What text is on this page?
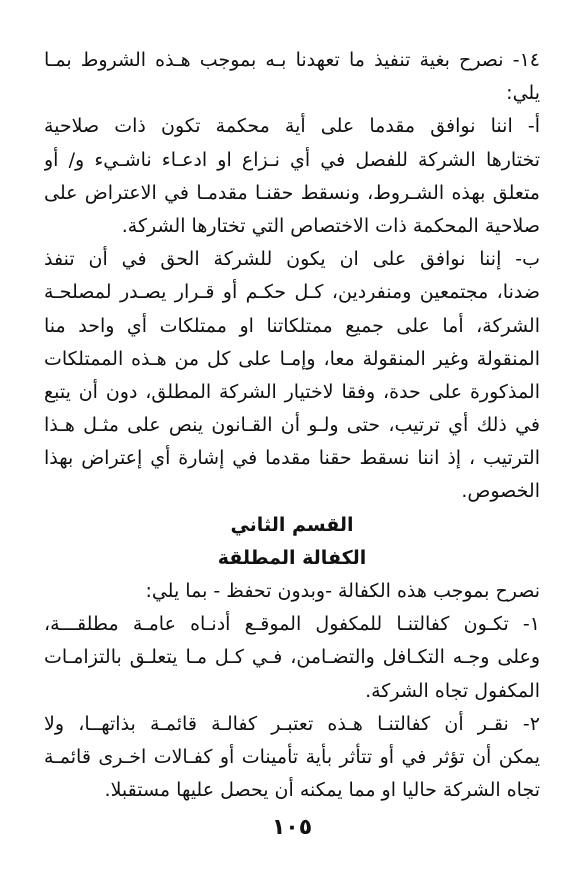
١٤- نصرح بغية تنفيذ ما تعهدنا بـه بموجب هـذه الشروط بمـا
يلي:
أ- اننا نوافق مقدما على أية محكمة تكون ذات صلاحية
تختارها الشركة للفصل في أي نـزاع او ادعـاء ناشـيء و/ أو
متعلق بهذه الشـروط، ونسقط حقنـا مقدمـا في الاعتراض على
صلاحية المحكمة ذات الاختصاص التي تختارها الشركة.
ب- إننا نوافق على ان يكون للشركة الحق في أن تنفذ
ضدنا، مجتمعين ومنفردين، كـل حكـم أو قـرار يصـدر لمصلحـة
الشركة، أما على جميع ممتلكاتنا او ممتلكات أي واحد منا
المنقولة وغير المنقولة معا، وإمـا على كل من هـذه الممتلكات
المذكورة على حدة، وفقا لاختيار الشركة المطلق، دون أن يتبع
في ذلك أي ترتيب، حتى ولـو أن القـانون ينص على مثـل هـذا
الترتيب ، إذ اننا نسقط حقنا مقدما في إشارة أي إعتراض بهذا
الخصوص.
القسم الثاني
الكفالة المطلقة
نصرح بموجب هذه الكفالة -وبدون تحفظ - بما يلي:
١- تكـون كفالتنـا للمكفول الموقـع أدنـاه عامـة مطلقـــة،
وعلى وجـه التكـافل والتضـامن، فـي كـل مـا يتعلـق بالتزامـات
المكفول تجاه الشركة.
٢- نقـر أن كفالتنـا هـذه تعتبـر كفالـة قائمـة بذاتهــا، ولا
يمكن أن تؤثر في أو تتأثر بأية تأمينات أو كفـالات اخـرى قائمـة
تجاه الشركة حاليا او مما يمكنه أن يحصل عليها مستقبلا.
١٠٥
